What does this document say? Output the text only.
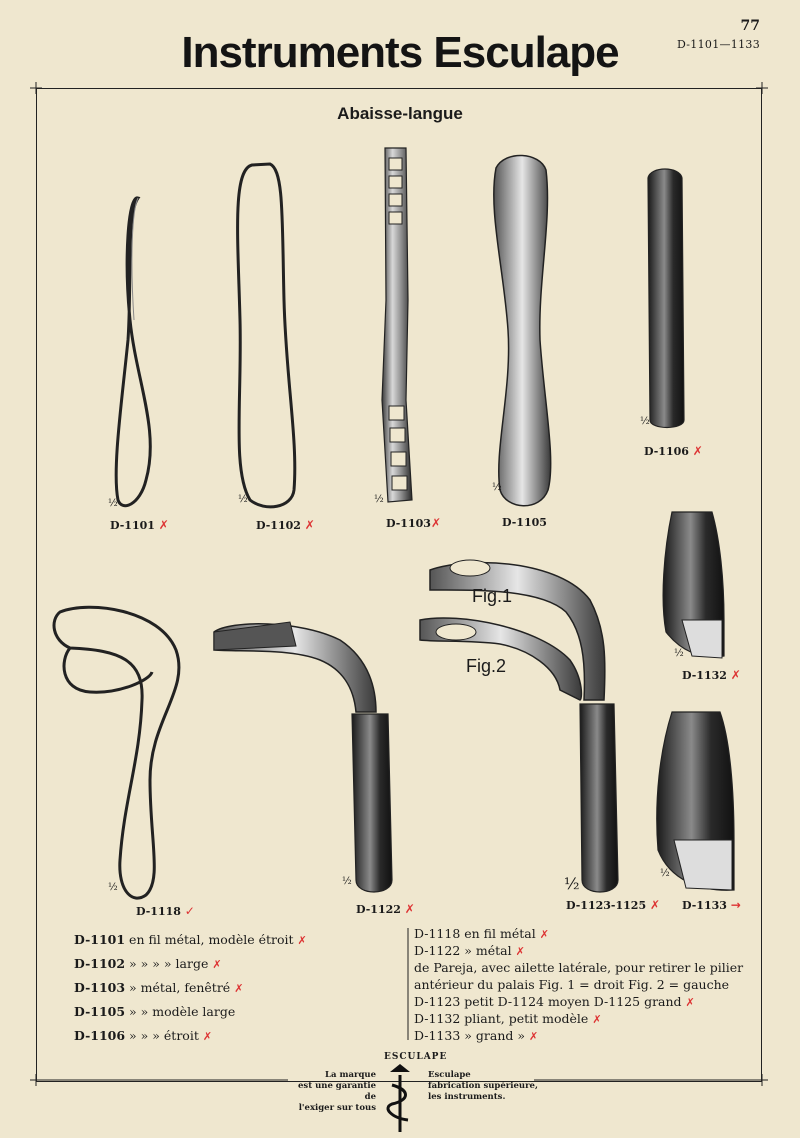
77
D-1101—1133
Instruments Esculape
Abaisse-langue
D-1101 ✗	D-1102 ✗	D-1103✗	D-1105
D-1106 ✗
D-1118 ✓	D-1122 ✗	D-1123-1125 ✗
D-1132 ✗
D-1133 →
Fig.1
Fig.2
½	½	½
½
½
½
½	½
½
½
D-1101 en fil métal, modèle étroit ✗
D-1102 » » » » large ✗
D-1103 » métal, fenêtré ✗
D-1105 » » modèle large
D-1106 » » » étroit ✗
D-1118 en fil métal ✗
D-1122 » métal ✗
de Pareja, avec ailette latérale, pour retirer le pilier
antérieur du palais Fig. 1 = droit Fig. 2 = gauche
D-1123 petit D-1124 moyen D-1125 grand ✗
D-1132 pliant, petit modèle ✗
D-1133 » grand » ✗
La marque
est une garantie de
l'exiger sur tous
ESCULAPE
Esculape
fabrication supérieure,
les instruments.
